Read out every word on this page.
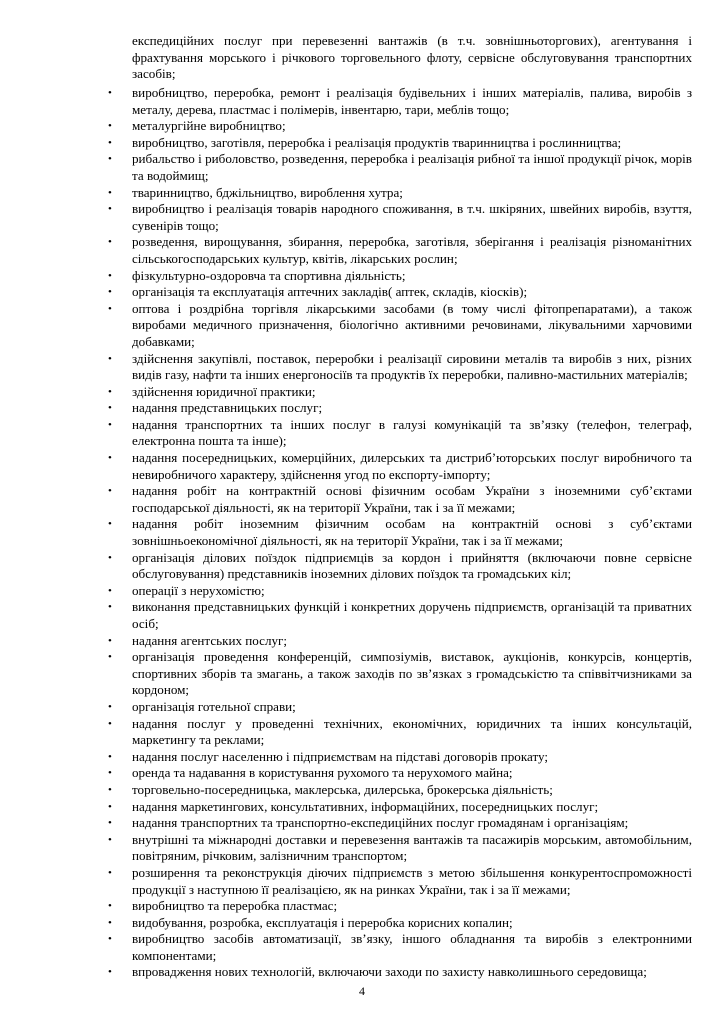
експедиційних послуг при перевезенні вантажів (в т.ч. зовнішньоторгових), агентування і фрахтування морського і річкового торговельного флоту, сервісне обслуговування транспортних засобів;

• виробництво, переробка, ремонт і реалізація будівельних і інших матеріалів, палива, виробів з металу, дерева, пластмас і полімерів, інвентарю, тари, меблів тощо;
• металургійне виробництво;
• виробництво, заготівля, переробка і реалізація продуктів тваринництва і рослинництва;
• рибальство і риболовство, розведення, переробка і реалізація рибної та іншої продукції річок, морів та водоймищ;
• тваринництво, бджільництво, вироблення хутра;
• виробництво і реалізація товарів народного споживання, в т.ч. шкіряних, швейних виробів, взуття, сувенірів тощо;
• розведення, вирощування, збирання, переробка, заготівля, зберігання і реалізація різноманітних сільськогосподарських культур, квітів, лікарських рослин;
• фізкультурно-оздоровча та спортивна діяльність;
• організація та експлуатація аптечних закладів( аптек, складів, кіосків);
• оптова і роздрібна торгівля лікарськими засобами (в тому числі фітопрепаратами), а також виробами медичного призначення, біологічно активними речовинами, лікувальними харчовими добавками;
• здійснення закупівлі, поставок, переробки і реалізації сировини металів та виробів з них, різних видів газу, нафти та інших енергоносіїв та продуктів їх переробки, паливно-мастильних матеріалів;
• здійснення юридичної практики;
• надання представницьких послуг;
• надання транспортних та інших послуг в галузі комунікацій та зв’язку (телефон, телеграф, електронна пошта та інше);
• надання посередницьких, комерційних, дилерських та дистриб’юторських послуг виробничого та невиробничого характеру, здійснення угод по експорту-імпорту;
• надання робіт на контрактній основі фізичним особам України з іноземними суб’єктами господарської діяльності, як на території України, так і за її межами;
• надання робіт іноземним фізичним особам на контрактній основі з суб’єктами зовнішньоекономічної діяльності, як на території України, так і за її межами;
• організація ділових поїздок підприємців за кордон і прийняття (включаючи повне сервісне обслуговування) представників іноземних ділових поїздок та громадських кіл;
• операції з нерухомістю;
• виконання представницьких функцій і конкретних доручень підприємств, організацій та приватних осіб;
• надання агентських послуг;
• організація проведення конференцій, симпозіумів, виставок, аукціонів, конкурсів, концертів, спортивних зборів та змагань, а також заходів по зв’язках з громадськістю та співвітчизниками за кордоном;
• організація готельної справи;
• надання послуг у проведенні технічних, економічних, юридичних та інших консультацій, маркетингу та реклами;
• надання послуг населенню і підприємствам на підставі договорів прокату;
• оренда та надавання в користування рухомого та нерухомого майна;
• торговельно-посередницька, маклерська, дилерська, брокерська діяльність;
• надання маркетингових, консультативних, інформаційних, посередницьких послуг;
• надання транспортних та транспортно-експедиційних послуг громадянам і організаціям;
• внутрішні та міжнародні доставки и перевезення вантажів та пасажирів морським, автомобільним, повітряним, річковим, залізничним транспортом;
• розширення та реконструкція діючих підприємств з метою збільшення конкурентоспроможності продукції з наступною її реалізацією, як на ринках України, так і за її межами;
• виробництво та переробка пластмас;
• видобування, розробка, експлуатація і переробка корисних копалин;
• виробництво засобів автоматизації, зв’язку, іншого обладнання та виробів з електронними компонентами;
• впровадження нових технологій, включаючи заходи по захисту навколишнього середовища;
4
